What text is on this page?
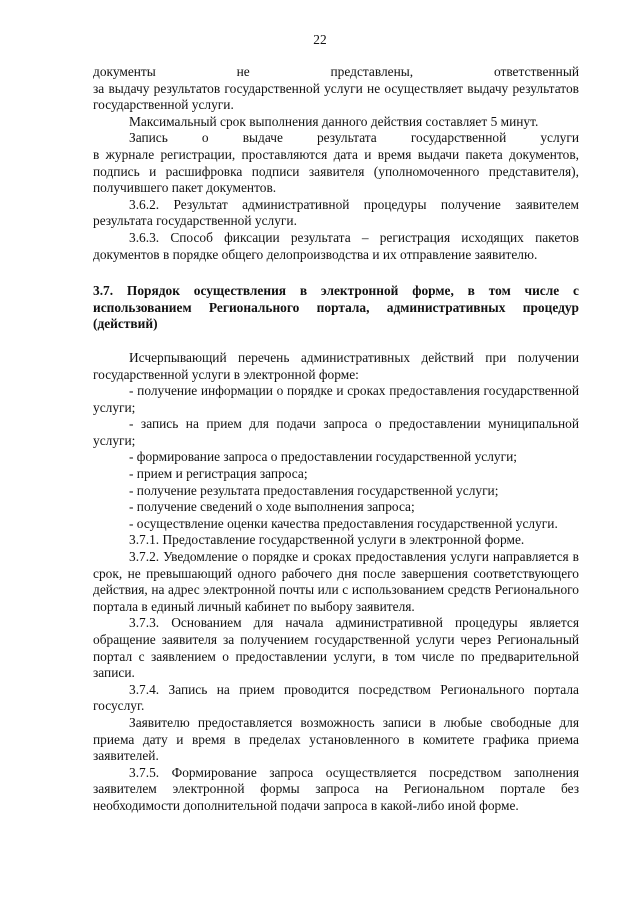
22

документы не представлены, ответственный

за выдачу результатов государственной услуги не осуществляет выдачу результатов государственной услуги.

Максимальный срок выполнения данного действия составляет 5 минут.

Запись о выдаче результата государственной услуги

в журнале регистрации, проставляются дата и время выдачи пакета документов, подпись и расшифровка подписи заявителя (уполномоченного представителя), получившего пакет документов.

3.6.2. Результат административной процедуры получение заявителем результата государственной услуги.

3.6.3. Способ фиксации результата – регистрация исходящих пакетов документов в порядке общего делопроизводства и их отправление заявителю.

3.7. Порядок осуществления в электронной форме, в том числе с использованием Регионального портала, административных процедур (действий)

Исчерпывающий перечень административных действий при получении государственной услуги в электронной форме:

- получение информации о порядке и сроках предоставления государственной услуги;

- запись на прием для подачи запроса о предоставлении муниципальной услуги;

- формирование запроса о предоставлении государственной услуги;

- прием и регистрация запроса;

- получение результата предоставления государственной услуги;

- получение сведений о ходе выполнения запроса;

- осуществление оценки качества предоставления государственной услуги.

3.7.1. Предоставление государственной услуги в электронной форме.

3.7.2. Уведомление о порядке и сроках предоставления услуги направляется в срок, не превышающий одного рабочего дня после завершения соответствующего действия, на адрес электронной почты или с использованием средств Регионального портала в единый личный кабинет по выбору заявителя.

3.7.3. Основанием для начала административной процедуры является обращение заявителя за получением государственной услуги через Региональный портал с заявлением о предоставлении услуги, в том числе по предварительной записи.

3.7.4. Запись на прием проводится посредством Регионального портала госуслуг.

Заявителю предоставляется возможность записи в любые свободные для приема дату и время в пределах установленного в комитете графика приема заявителей.

3.7.5. Формирование запроса осуществляется посредством заполнения заявителем электронной формы запроса на Региональном портале без необходимости дополнительной подачи запроса в какой-либо иной форме.
